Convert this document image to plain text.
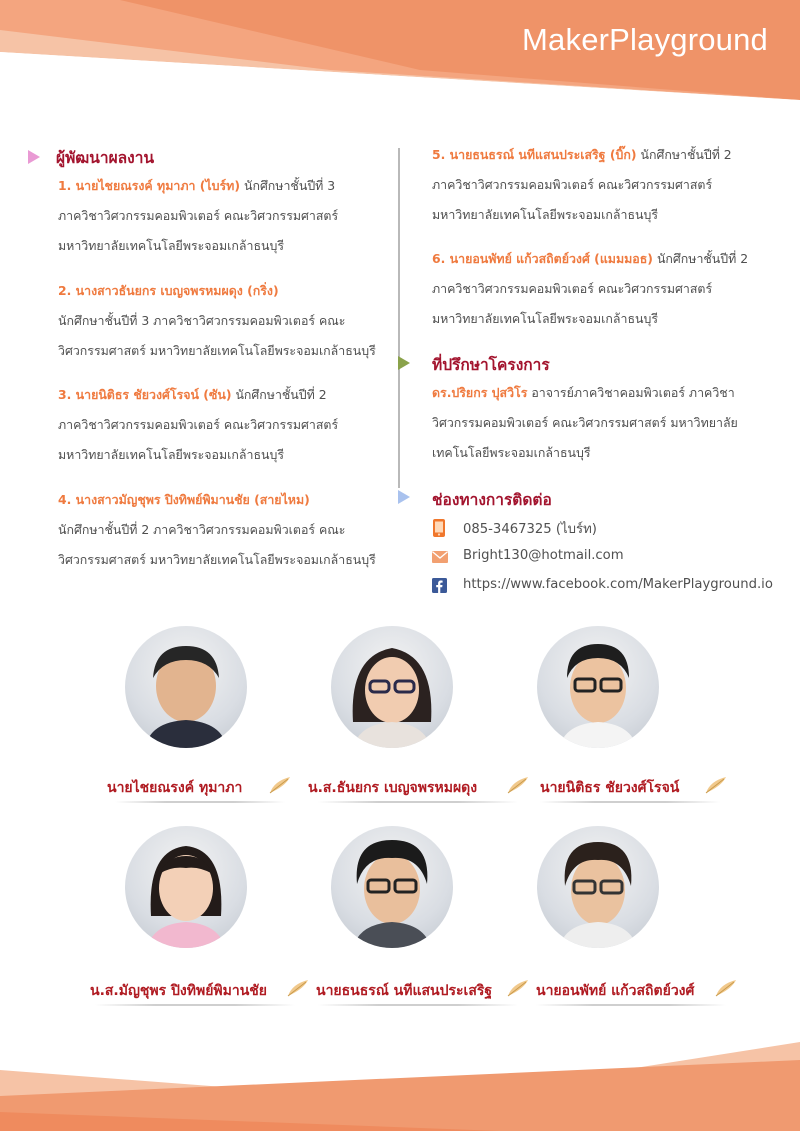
MakerPlayground
ผู้พัฒนาผลงาน
1. นายไชยณรงค์ ทุมาภา (ไบร์ท) นักศึกษาชั้นปีที่ 3
ภาควิชาวิศวกรรมคอมพิวเตอร์ คณะวิศวกรรมศาสตร์
มหาวิทยาลัยเทคโนโลยีพระจอมเกล้าธนบุรี
2. นางสาวธันยกร เบญจพรหมผดุง (กริ่ง)
นักศึกษาชั้นปีที่ 3 ภาควิชาวิศวกรรมคอมพิวเตอร์ คณะ
วิศวกรรมศาสตร์ มหาวิทยาลัยเทคโนโลยีพระจอมเกล้าธนบุรี
3. นายนิติธร ชัยวงศ์โรจน์ (ซัน) นักศึกษาชั้นปีที่ 2
ภาควิชาวิศวกรรมคอมพิวเตอร์ คณะวิศวกรรมศาสตร์
มหาวิทยาลัยเทคโนโลยีพระจอมเกล้าธนบุรี
4. นางสาวมัญชุพร ปิงทิพย์พิมานชัย (สายไหม)
นักศึกษาชั้นปีที่ 2 ภาควิชาวิศวกรรมคอมพิวเตอร์ คณะ
วิศวกรรมศาสตร์ มหาวิทยาลัยเทคโนโลยีพระจอมเกล้าธนบุรี
5. นายธนธรณ์ นทีแสนประเสริฐ (บิ๊ก) นักศึกษาชั้นปีที่ 2
ภาควิชาวิศวกรรมคอมพิวเตอร์ คณะวิศวกรรมศาสตร์
มหาวิทยาลัยเทคโนโลยีพระจอมเกล้าธนบุรี
6. นายอนพัทย์ แก้วสถิตย์วงศ์ (แมมมอธ) นักศึกษาชั้นปีที่ 2
ภาควิชาวิศวกรรมคอมพิวเตอร์ คณะวิศวกรรมศาสตร์
มหาวิทยาลัยเทคโนโลยีพระจอมเกล้าธนบุรี
ที่ปรึกษาโครงการ
ดร.ปริยกร ปุสวิโร อาจารย์ภาควิชาคอมพิวเตอร์ ภาควิชา
วิศวกรรมคอมพิวเตอร์ คณะวิศวกรรมศาสตร์ มหาวิทยาลัย
เทคโนโลยีพระจอมเกล้าธนบุรี
ช่องทางการติดต่อ
085-3467325 (ไบร์ท)
Bright130@hotmail.com
https://www.facebook.com/MakerPlayground.io
นายไชยณรงค์ ทุมาภา	น.ส.ธันยกร เบญจพรหมผดุง	นายนิติธร ชัยวงศ์โรจน์
น.ส.มัญชุพร ปิงทิพย์พิมานชัย	นายธนธรณ์ นทีแสนประเสริฐ	นายอนพัทย์ แก้วสถิตย์วงศ์
